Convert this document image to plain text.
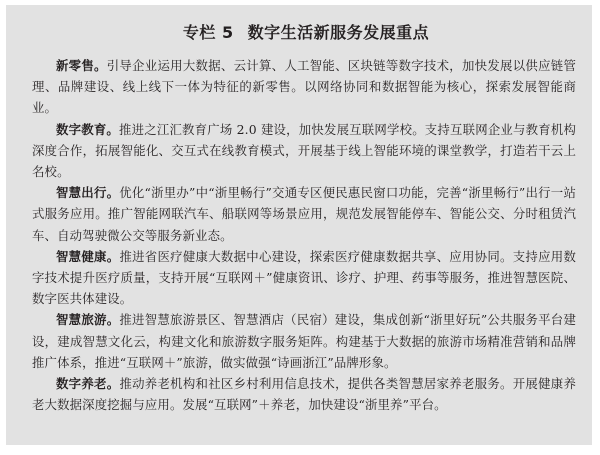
专栏 5 数字生活新服务发展重点

新零售。引导企业运用大数据、云计算、人工智能、区块链等数字技术，加快发展以供应链管理、品牌建设、线上线下一体为特征的新零售。以网络协同和数据智能为核心，探索发展智能商业。

数字教育。推进之江汇教育广场 2.0 建设，加快发展互联网学校。支持互联网企业与教育机构深度合作，拓展智能化、交互式在线教育模式，开展基于线上智能环境的课堂教学，打造若干云上名校。

智慧出行。优化“浙里办”中“浙里畅行”交通专区便民惠民窗口功能，完善“浙里畅行”出行一站式服务应用。推广智能网联汽车、船联网等场景应用，规范发展智能停车、智能公交、分时租赁汽车、自动驾驶微公交等服务新业态。

智慧健康。推进省医疗健康大数据中心建设，探索医疗健康数据共享、应用协同。支持应用数字技术提升医疗质量，支持开展“互联网＋”健康资讯、诊疗、护理、药事等服务，推进智慧医院、数字医共体建设。

智慧旅游。推进智慧旅游景区、智慧酒店（民宿）建设，集成创新“浙里好玩”公共服务平台建设，建成智慧文化云，构建文化和旅游数字服务矩阵。构建基于大数据的旅游市场精准营销和品牌推广体系，推进“互联网＋”旅游，做实做强“诗画浙江”品牌形象。

数字养老。推动养老机构和社区乡村利用信息技术，提供各类智慧居家养老服务。开展健康养老大数据深度挖掘与应用。发展“互联网”＋养老，加快建设“浙里养”平台。
